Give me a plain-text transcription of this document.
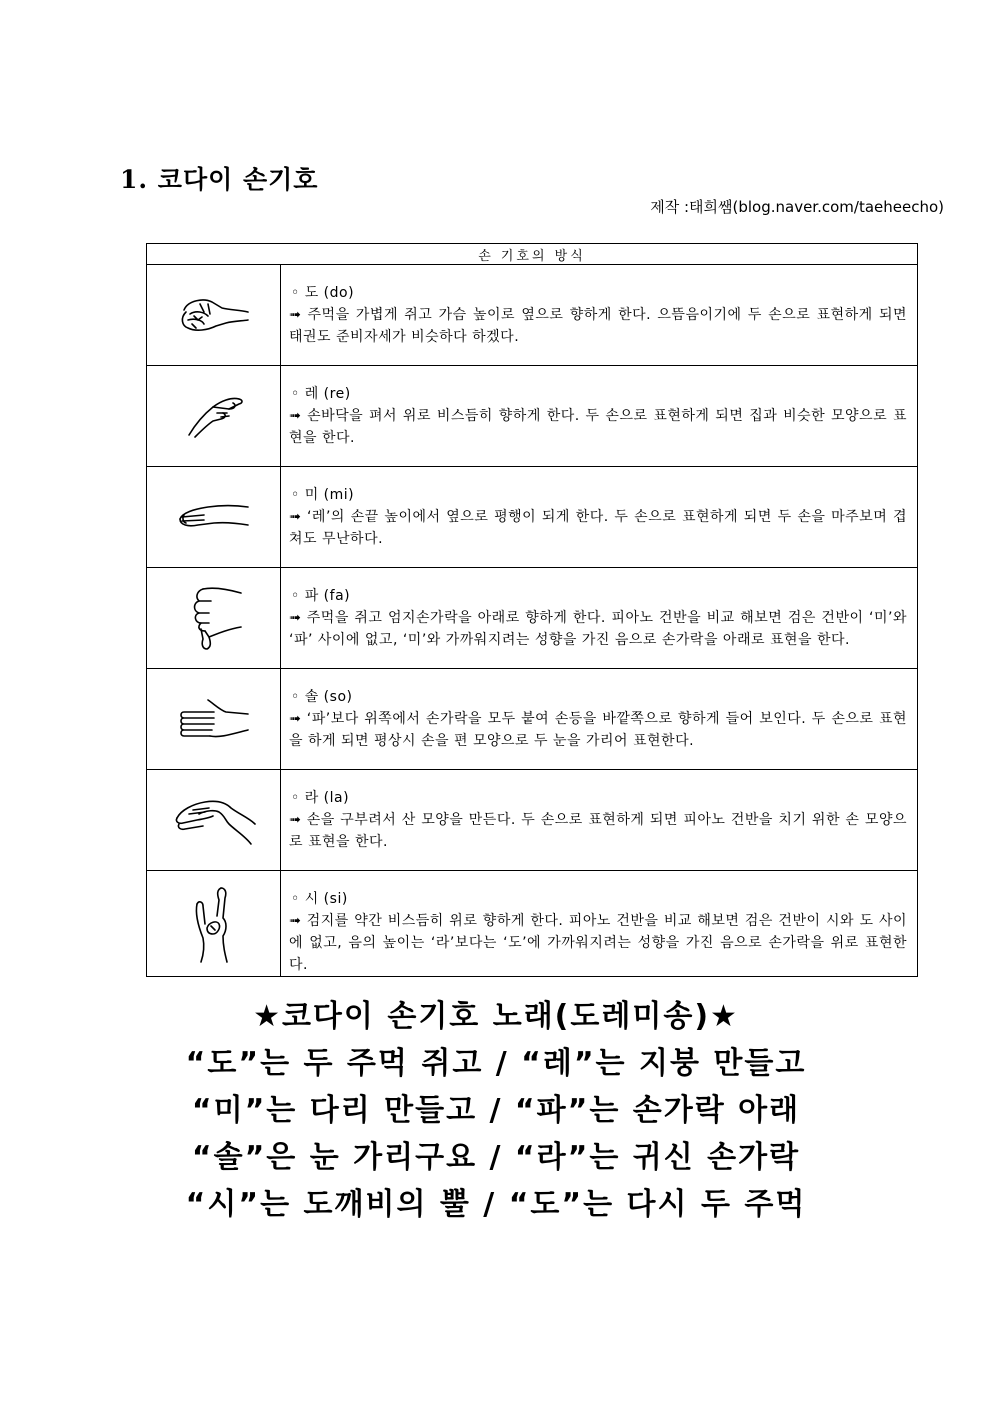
1. 코다이 손기호
제작 :태희쌤(blog.naver.com/taeheecho)
손 기호의 방식	

◦ 도 (do)
➟ 주먹을 가볍게 쥐고 가슴 높이로 옆으로 향하게 한다. 으뜸음이기에 두 손으로 표현하게 되면 태권도 준비자세가 비슷하다 하겠다.

◦ 레 (re)
➟ 손바닥을 펴서 위로 비스듬히 향하게 한다. 두 손으로 표현하게 되면 집과 비슷한 모양으로 표현을 한다.

◦ 미 (mi)
➟ ‘레’의 손끝 높이에서 옆으로 평행이 되게 한다. 두 손으로 표현하게 되면 두 손을 마주보며 겹쳐도 무난하다.

◦ 파 (fa)
➟ 주먹을 쥐고 엄지손가락을 아래로 향하게 한다. 피아노 건반을 비교 해보면 검은 건반이 ‘미’와 ‘파’ 사이에 없고, ‘미’와 가까워지려는 성향을 가진 음으로 손가락을 아래로 표현을 한다.

◦ 솔 (so)
➟ ‘파’보다 위쪽에서 손가락을 모두 붙여 손등을 바깥쪽으로 향하게 들어 보인다. 두 손으로 표현을 하게 되면 평상시 손을 편 모양으로 두 눈을 가리어 표현한다.

◦ 라 (la)
➟ 손을 구부려서 산 모양을 만든다. 두 손으로 표현하게 되면 피아노 건반을 치기 위한 손 모양으로 표현을 한다.

◦ 시 (si)
➟ 검지를 약간 비스듬히 위로 향하게 한다. 피아노 건반을 비교 해보면 검은 건반이 시와 도 사이에 없고, 음의 높이는 ‘라’보다는 ‘도’에 가까워지려는 성향을 가진 음으로 손가락을 위로 표현한다.
★코다이 손기호 노래(도레미송)★
“도”는 두 주먹 쥐고 / “레”는 지붕 만들고
“미”는 다리 만들고 / “파”는 손가락 아래
“솔”은 눈 가리구요 / “라”는 귀신 손가락
“시”는 도깨비의 뿔 / “도”는 다시 두 주먹
